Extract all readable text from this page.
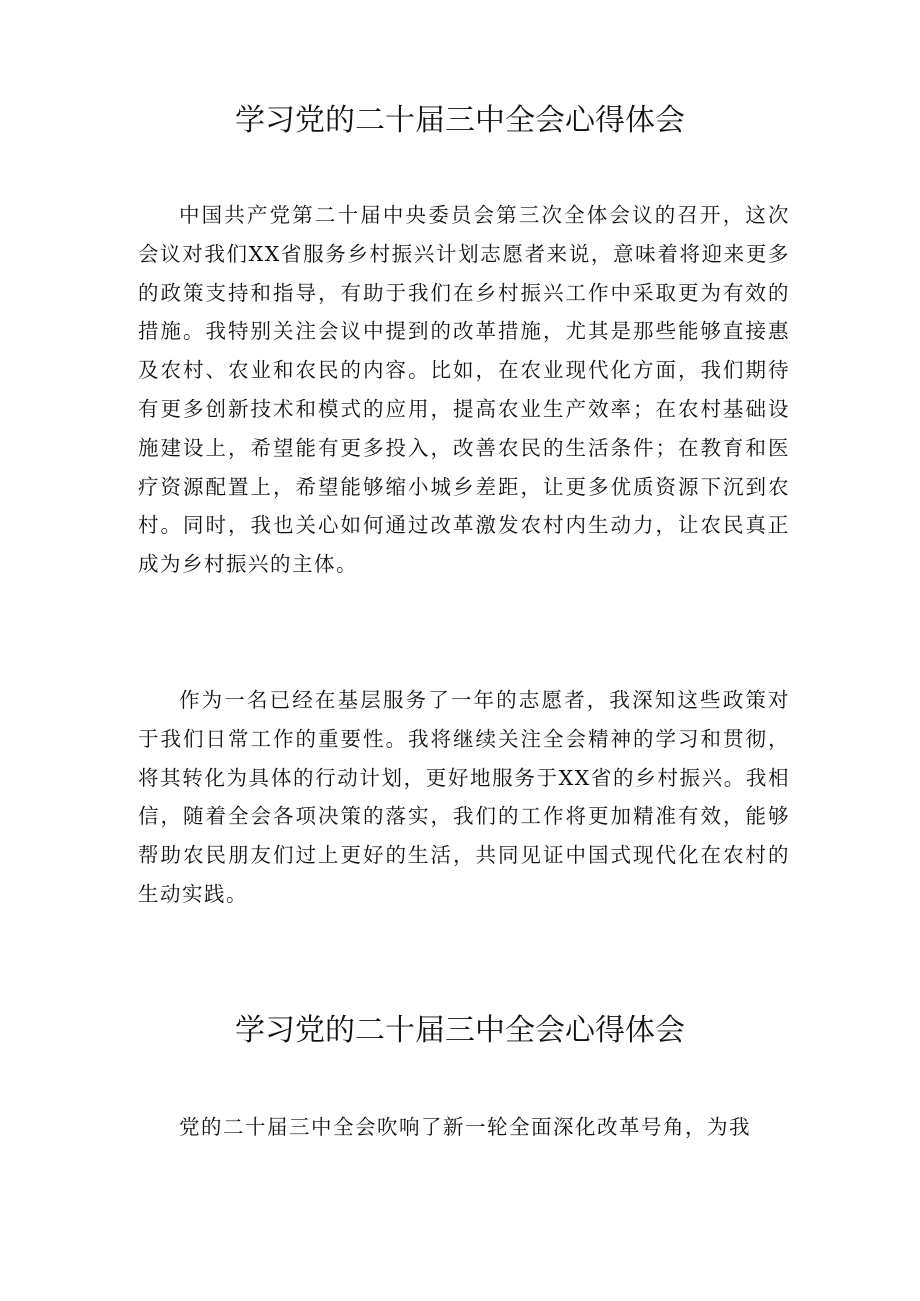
学习党的二十届三中全会心得体会

中国共产党第二十届中央委员会第三次全体会议的召开，这次会议对我们XX省服务乡村振兴计划志愿者来说，意味着将迎来更多的政策支持和指导，有助于我们在乡村振兴工作中采取更为有效的措施。我特别关注会议中提到的改革措施，尤其是那些能够直接惠及农村、农业和农民的内容。比如，在农业现代化方面，我们期待有更多创新技术和模式的应用，提高农业生产效率；在农村基础设施建设上，希望能有更多投入，改善农民的生活条件；在教育和医疗资源配置上，希望能够缩小城乡差距，让更多优质资源下沉到农村。同时，我也关心如何通过改革激发农村内生动力，让农民真正成为乡村振兴的主体。

作为一名已经在基层服务了一年的志愿者，我深知这些政策对于我们日常工作的重要性。我将继续关注全会精神的学习和贯彻，将其转化为具体的行动计划，更好地服务于XX省的乡村振兴。我相信，随着全会各项决策的落实，我们的工作将更加精准有效，能够帮助农民朋友们过上更好的生活，共同见证中国式现代化在农村的生动实践。

学习党的二十届三中全会心得体会

党的二十届三中全会吹响了新一轮全面深化改革号角，为我
